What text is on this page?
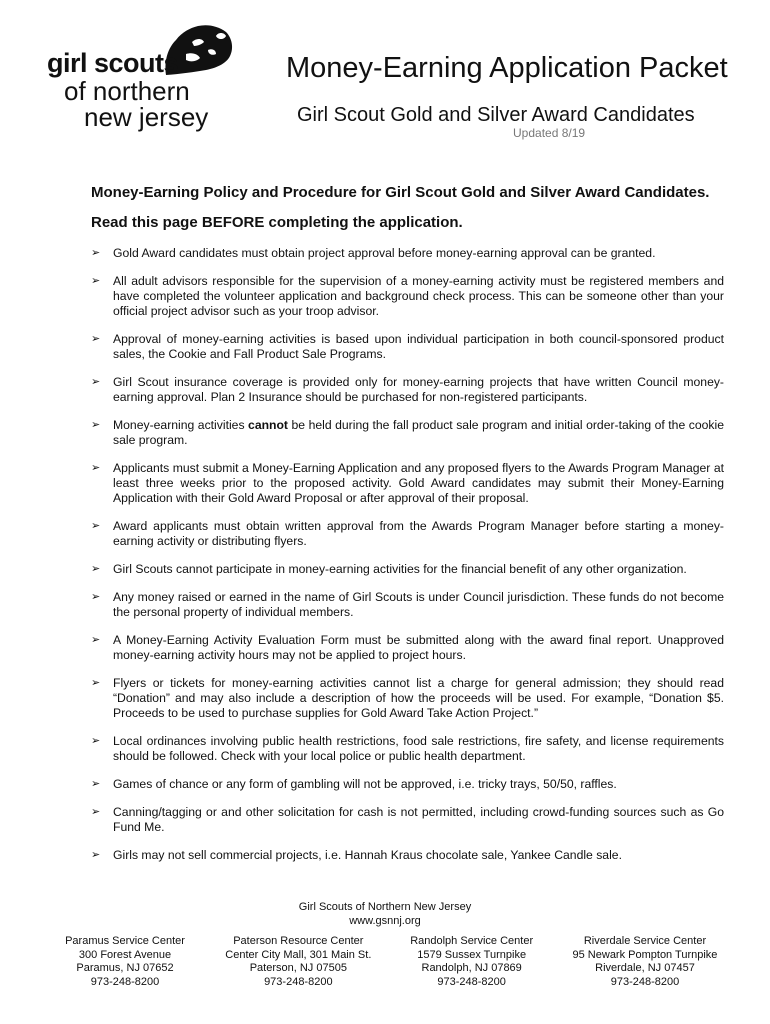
girl scouts
of northern
new jersey
Money-Earning Application Packet
Girl Scout Gold and Silver Award Candidates
Updated 8/19
Money-Earning Policy and Procedure for Girl Scout Gold and Silver Award Candidates.
Read this page BEFORE completing the application.
➢ Gold Award candidates must obtain project approval before money-earning approval can be granted.
➢ All adult advisors responsible for the supervision of a money-earning activity must be registered members and have completed the volunteer application and background check process. This can be someone other than your official project advisor such as your troop advisor.
➢ Approval of money-earning activities is based upon individual participation in both council-sponsored product sales, the Cookie and Fall Product Sale Programs.
➢ Girl Scout insurance coverage is provided only for money-earning projects that have written Council money-earning approval. Plan 2 Insurance should be purchased for non-registered participants.
➢ Money-earning activities cannot be held during the fall product sale program and initial order-taking of the cookie sale program.
➢ Applicants must submit a Money-Earning Application and any proposed flyers to the Awards Program Manager at least three weeks prior to the proposed activity. Gold Award candidates may submit their Money-Earning Application with their Gold Award Proposal or after approval of their proposal.
➢ Award applicants must obtain written approval from the Awards Program Manager before starting a money-earning activity or distributing flyers.
➢ Girl Scouts cannot participate in money-earning activities for the financial benefit of any other organization.
➢ Any money raised or earned in the name of Girl Scouts is under Council jurisdiction. These funds do not become the personal property of individual members.
➢ A Money-Earning Activity Evaluation Form must be submitted along with the award final report. Unapproved money-earning activity hours may not be applied to project hours.
➢ Flyers or tickets for money-earning activities cannot list a charge for general admission; they should read “Donation” and may also include a description of how the proceeds will be used. For example, “Donation $5. Proceeds to be used to purchase supplies for Gold Award Take Action Project.”
➢ Local ordinances involving public health restrictions, food sale restrictions, fire safety, and license requirements should be followed. Check with your local police or public health department.
➢ Games of chance or any form of gambling will not be approved, i.e. tricky trays, 50/50, raffles.
➢ Canning/tagging or and other solicitation for cash is not permitted, including crowd-funding sources such as Go Fund Me.
➢ Girls may not sell commercial projects, i.e. Hannah Kraus chocolate sale, Yankee Candle sale.
Girl Scouts of Northern New Jersey
www.gsnnj.org
Paramus Service Center
300 Forest Avenue
Paramus, NJ 07652
973-248-8200
Paterson Resource Center
Center City Mall, 301 Main St.
Paterson, NJ 07505
973-248-8200
Randolph Service Center
1579 Sussex Turnpike
Randolph, NJ 07869
973-248-8200
Riverdale Service Center
95 Newark Pompton Turnpike
Riverdale, NJ 07457
973-248-8200
